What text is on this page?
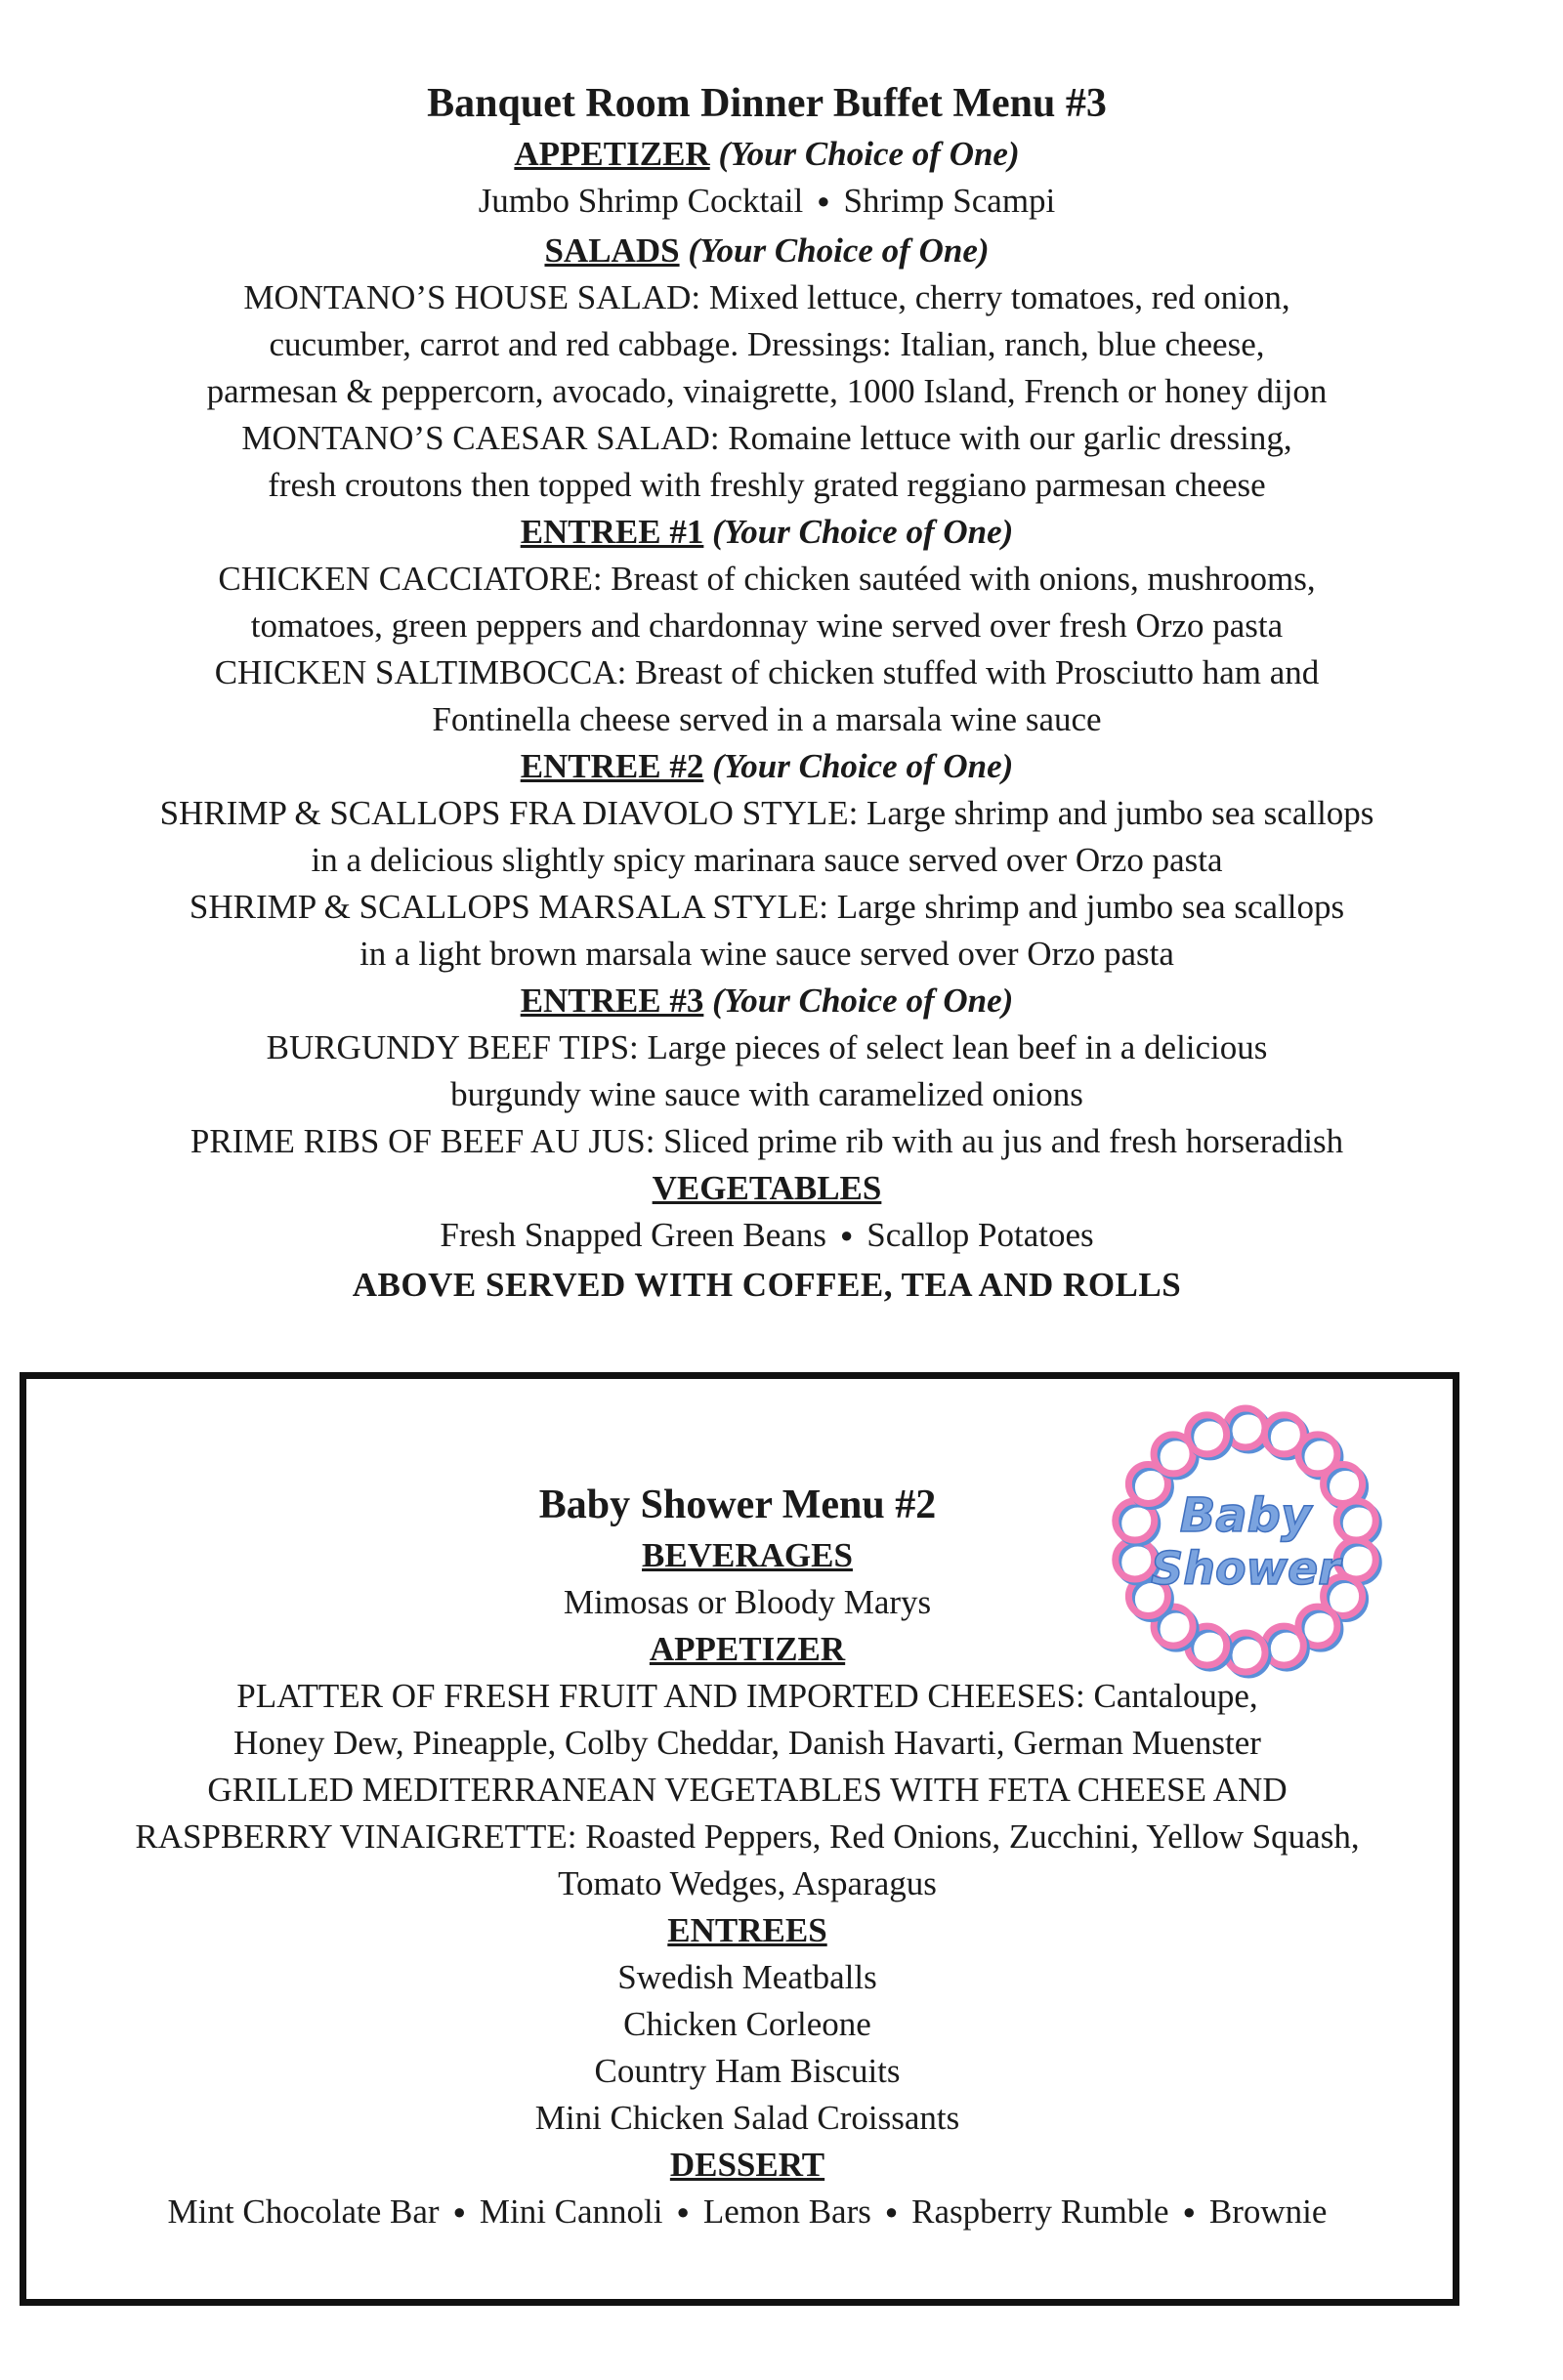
Banquet Room Dinner Buffet Menu #3

APPETIZER (Your Choice of One)

Jumbo Shrimp Cocktail ● Shrimp Scampi

SALADS (Your Choice of One)

MONTANO’S HOUSE SALAD: Mixed lettuce, cherry tomatoes, red onion,

cucumber, carrot and red cabbage. Dressings: Italian, ranch, blue cheese,

parmesan & peppercorn, avocado, vinaigrette, 1000 Island, French or honey dijon

MONTANO’S CAESAR SALAD: Romaine lettuce with our garlic dressing,

fresh croutons then topped with freshly grated reggiano parmesan cheese

ENTREE #1 (Your Choice of One)

CHICKEN CACCIATORE: Breast of chicken sautéed with onions, mushrooms,

tomatoes, green peppers and chardonnay wine served over fresh Orzo pasta

CHICKEN SALTIMBOCCA: Breast of chicken stuffed with Prosciutto ham and

Fontinella cheese served in a marsala wine sauce

ENTREE #2 (Your Choice of One)

SHRIMP & SCALLOPS FRA DIAVOLO STYLE: Large shrimp and jumbo sea scallops

in a delicious slightly spicy marinara sauce served over Orzo pasta

SHRIMP & SCALLOPS MARSALA STYLE: Large shrimp and jumbo sea scallops

in a light brown marsala wine sauce served over Orzo pasta

ENTREE #3 (Your Choice of One)

BURGUNDY BEEF TIPS: Large pieces of select lean beef in a delicious

burgundy wine sauce with caramelized onions

PRIME RIBS OF BEEF AU JUS: Sliced prime rib with au jus and fresh horseradish

VEGETABLES

Fresh Snapped Green Beans ● Scallop Potatoes

ABOVE SERVED WITH COFFEE, TEA AND ROLLS

Baby
Shower
Baby Shower Menu #2

BEVERAGES

Mimosas or Bloody Marys

APPETIZER

PLATTER OF FRESH FRUIT AND IMPORTED CHEESES: Cantaloupe,

Honey Dew, Pineapple, Colby Cheddar, Danish Havarti, German Muenster

GRILLED MEDITERRANEAN VEGETABLES WITH FETA CHEESE AND

RASPBERRY VINAIGRETTE: Roasted Peppers, Red Onions, Zucchini, Yellow Squash,

Tomato Wedges, Asparagus

ENTREES

Swedish Meatballs

Chicken Corleone

Country Ham Biscuits

Mini Chicken Salad Croissants

DESSERT

Mint Chocolate Bar ● Mini Cannoli ● Lemon Bars ● Raspberry Rumble ● Brownie
